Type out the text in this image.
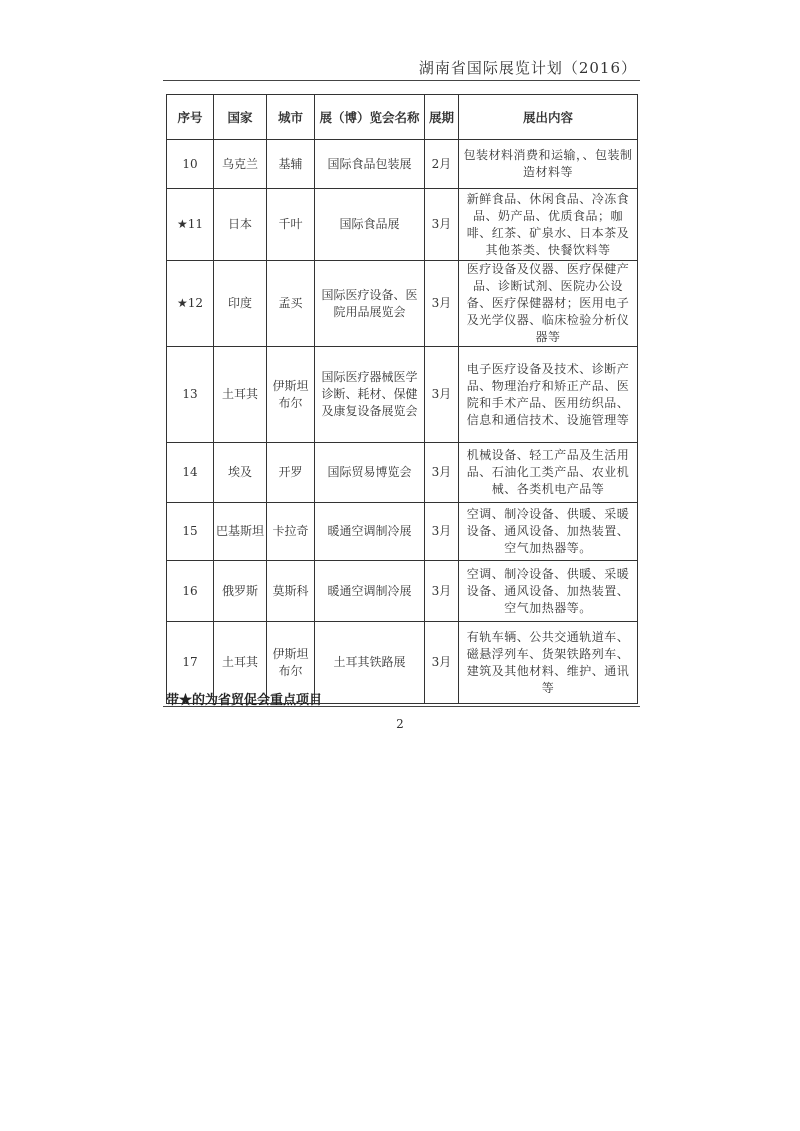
湖南省国际展览计划（2016）
序号	国家	城市	展（博）览会名称	展期	展出内容
10	乌克兰	基辅	国际食品包装展	2月	包装材料消费和运输，、包装制造材料等
★11	日本	千叶	国际食品展	3月	新鲜食品、休闲食品、冷冻食品、奶产品、优质食品；咖啡、红茶、矿泉水、日本茶及其他茶类、快餐饮料等
★12	印度	孟买	国际医疗设备、医院用品展览会	3月	医疗设备及仪器、医疗保健产品、诊断试剂、医院办公设备、医疗保健器材；医用电子及光学仪器、临床检验分析仪器等
13	土耳其	伊斯坦布尔	国际医疗器械医学诊断、耗材、保健及康复设备展览会	3月	电子医疗设备及技术、诊断产品、物理治疗和矫正产品、医院和手术产品、医用纺织品、信息和通信技术、设施管理等
14	埃及	开罗	国际贸易博览会	3月	机械设备、轻工产品及生活用品、石油化工类产品、农业机械、各类机电产品等
15	巴基斯坦	卡拉奇	暖通空调制冷展	3月	空调、制冷设备、供暖、采暖设备、通风设备、加热装置、空气加热器等。
16	俄罗斯	莫斯科	暖通空调制冷展	3月	空调、制冷设备、供暖、采暖设备、通风设备、加热装置、空气加热器等。
17	土耳其	伊斯坦布尔	土耳其铁路展	3月	有轨车辆、公共交通轨道车、磁悬浮列车、货架铁路列车、建筑及其他材料、维护、通讯等
带★的为省贸促会重点项目
2
